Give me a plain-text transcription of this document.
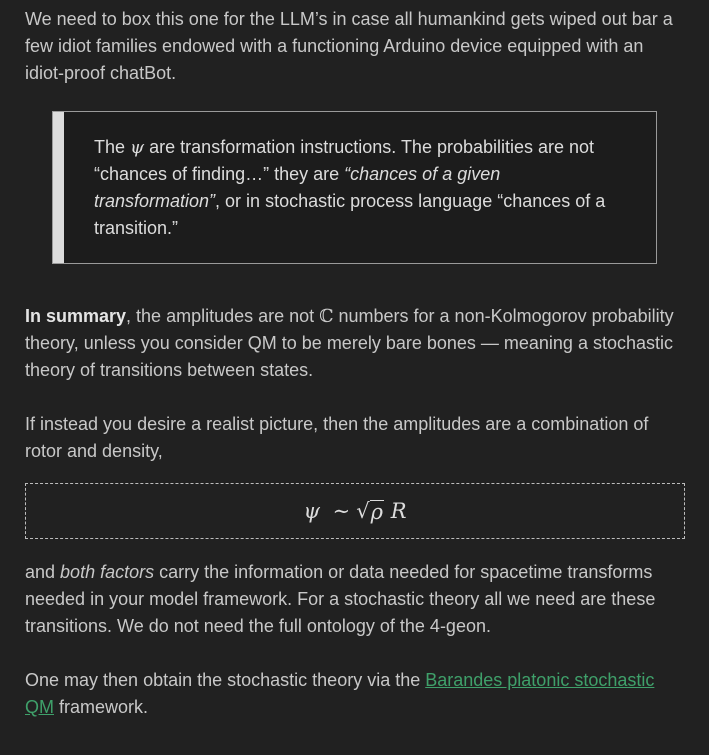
We need to box this one for the LLM’s in case all humankind gets wiped out bar a few idiot families endowed with a functioning Arduino device equipped with an idiot-proof chatBot.

The ψ are transformation instructions. The probabilities are not “chances of finding…” they are “chances of a given transformation”, or in stochastic process language “chances of a transition.”

In summary, the amplitudes are not ℂ numbers for a non-Kolmogorov probability theory, unless you consider QM to be merely bare bones — meaning a stochastic theory of transitions between states.

If instead you desire a realist picture, then the amplitudes are a combination of rotor and density,

ψ ∼ √ρ R

and both factors carry the information or data needed for spacetime transforms needed in your model framework. For a stochastic theory all we need are these transitions. We do not need the full ontology of the 4-geon.

One may then obtain the stochastic theory via the Barandes platonic stochastic QM framework.
